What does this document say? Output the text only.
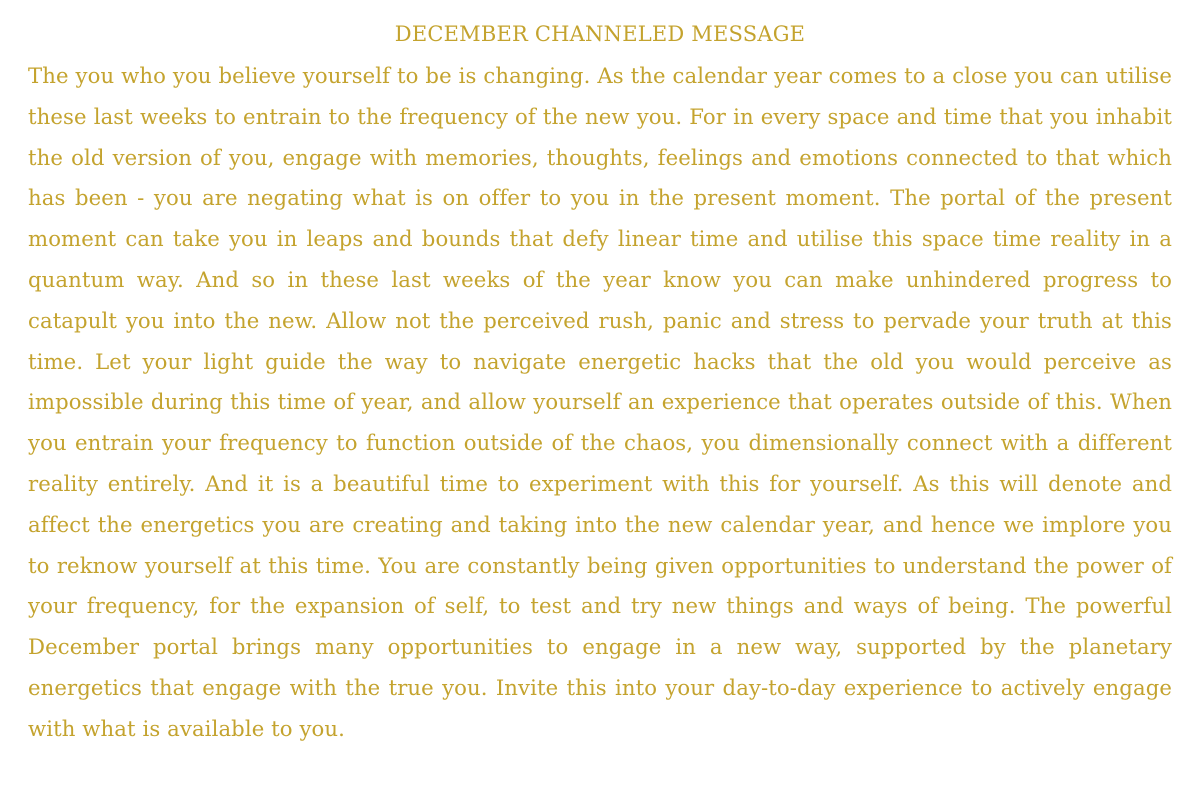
DECEMBER CHANNELED MESSAGE

The you who you believe yourself to be is changing. As the calendar year comes to a close you can utilise these last weeks to entrain to the frequency of the new you. For in every space and time that you inhabit the old version of you, engage with memories, thoughts, feelings and emotions connected to that which has been - you are negating what is on offer to you in the present moment. The portal of the present moment can take you in leaps and bounds that defy linear time and utilise this space time reality in a quantum way. And so in these last weeks of the year know you can make unhindered progress to catapult you into the new. Allow not the perceived rush, panic and stress to pervade your truth at this time. Let your light guide the way to navigate energetic hacks that the old you would perceive as impossible during this time of year, and allow yourself an experience that operates outside of this. When you entrain your frequency to function outside of the chaos, you dimensionally connect with a different reality entirely. And it is a beautiful time to experiment with this for yourself. As this will denote and affect the energetics you are creating and taking into the new calendar year, and hence we implore you to reknow yourself at this time. You are constantly being given opportunities to understand the power of your frequency, for the expansion of self, to test and try new things and ways of being. The powerful December portal brings many opportunities to engage in a new way, supported by the planetary energetics that engage with the true you. Invite this into your day-to-day experience to actively engage with what is available to you.
